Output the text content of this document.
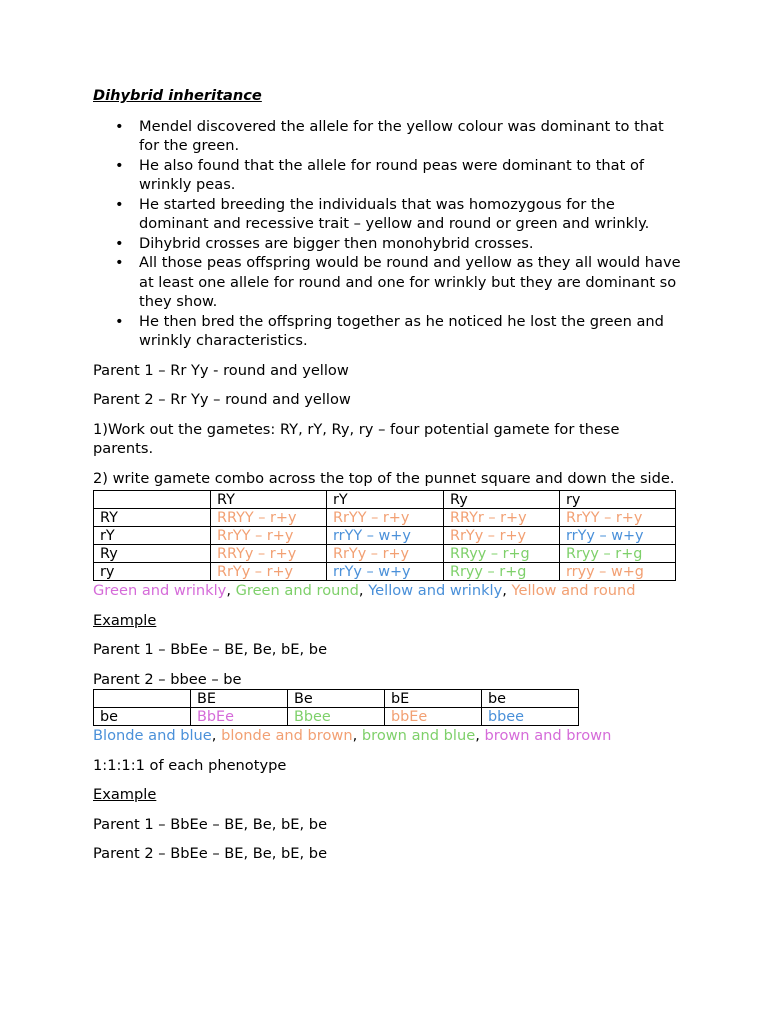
Dihybrid inheritance
• Mendel discovered the allele for the yellow colour was dominant to that for the green.
• He also found that the allele for round peas were dominant to that of wrinkly peas.
• He started breeding the individuals that was homozygous for the dominant and recessive trait – yellow and round or green and wrinkly.
• Dihybrid crosses are bigger then monohybrid crosses.
• All those peas offspring would be round and yellow as they all would have at least one allele for round and one for wrinkly but they are dominant so they show.
• He then bred the offspring together as he noticed he lost the green and wrinkly characteristics.

Parent 1 – Rr Yy - round and yellow

Parent 2 – Rr Yy – round and yellow

1)Work out the gametes: RY, rY, Ry, ry – four potential gamete for these parents.

2) write gamete combo across the top of the punnet square and down the side.

	RY	rY	Ry	ry
RY	RRYY – r+y	RrYY – r+y	RRYr – r+y	RrYY – r+y
rY	RrYY – r+y	rrYY – w+y	RrYy – r+y	rrYy – w+y
Ry	RRYy – r+y	RrYy – r+y	RRyy – r+g	Rryy – r+g
ry	RrYy – r+y	rrYy – w+y	Rryy – r+g	rryy – w+g
Green and wrinkly, Green and round, Yellow and wrinkly, Yellow and round

Example

Parent 1 – BbEe – BE, Be, bE, be

Parent 2 – bbee – be

	BE	Be	bE	be
be	BbEe	Bbee	bbEe	bbee
Blonde and blue, blonde and brown, brown and blue, brown and brown

1:1:1:1 of each phenotype

Example

Parent 1 – BbEe – BE, Be, bE, be

Parent 2 – BbEe – BE, Be, bE, be
